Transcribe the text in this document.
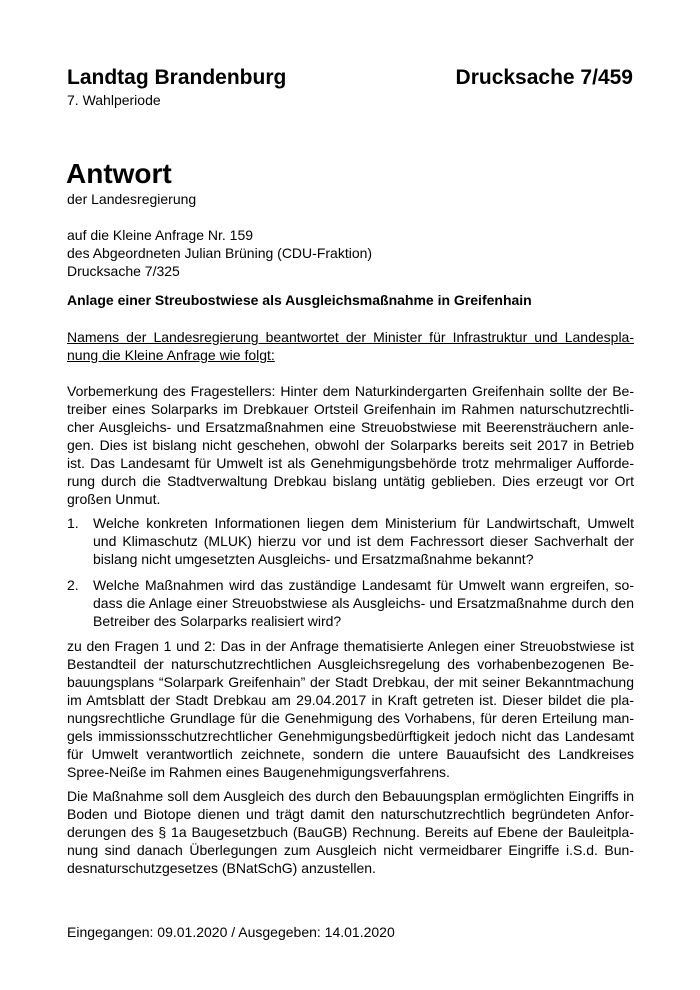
Landtag Brandenburg	Drucksache 7/459
7. Wahlperiode
Antwort
der Landesregierung
auf die Kleine Anfrage Nr. 159
des Abgeordneten Julian Brüning (CDU-Fraktion)
Drucksache 7/325
Anlage einer Streubostwiese als Ausgleichsmaßnahme in Greifenhain
Namens der Landesregierung beantwortet der Minister für Infrastruktur und Landespla-
nung die Kleine Anfrage wie folgt:
Vorbemerkung des Fragestellers: Hinter dem Naturkindergarten Greifenhain sollte der Betreiber eines Solarparks im Drebkauer Ortsteil Greifenhain im Rahmen naturschutzrechtlicher Ausgleichs- und Ersatzmaßnahmen eine Streuobstwiese mit Beerensträuchern anlegen. Dies ist bislang nicht geschehen, obwohl der Solarparks bereits seit 2017 in Betrieb ist. Das Landesamt für Umwelt ist als Genehmigungsbehörde trotz mehrmaliger Aufforderung durch die Stadtverwaltung Drebkau bislang untätig geblieben. Dies erzeugt vor Ort großen Unmut.
1. Welche konkreten Informationen liegen dem Ministerium für Landwirtschaft, Umwelt und Klimaschutz (MLUK) hierzu vor und ist dem Fachressort dieser Sachverhalt der bislang nicht umgesetzten Ausgleichs- und Ersatzmaßnahme bekannt?
2. Welche Maßnahmen wird das zuständige Landesamt für Umwelt wann ergreifen, sodass die Anlage einer Streuobstwiese als Ausgleichs- und Ersatzmaßnahme durch den Betreiber des Solarparks realisiert wird?
zu den Fragen 1 und 2: Das in der Anfrage thematisierte Anlegen einer Streuobstwiese ist Bestandteil der naturschutzrechtlichen Ausgleichsregelung des vorhabenbezogenen Bebauungsplans “Solarpark Greifenhain” der Stadt Drebkau, der mit seiner Bekanntmachung im Amtsblatt der Stadt Drebkau am 29.04.2017 in Kraft getreten ist. Dieser bildet die planungsrechtliche Grundlage für die Genehmigung des Vorhabens, für deren Erteilung mangels immissionsschutzrechtlicher Genehmigungsbedürftigkeit jedoch nicht das Landesamt für Umwelt verantwortlich zeichnete, sondern die untere Bauaufsicht des Landkreises Spree-Neiße im Rahmen eines Baugenehmigungsverfahrens.
Die Maßnahme soll dem Ausgleich des durch den Bebauungsplan ermöglichten Eingriffs in Boden und Biotope dienen und trägt damit den naturschutzrechtlich begründeten Anforderungen des § 1a Baugesetzbuch (BauGB) Rechnung. Bereits auf Ebene der Bauleitplanung sind danach Überlegungen zum Ausgleich nicht vermeidbarer Eingriffe i.S.d. Bundesnaturschutzgesetzes (BNatSchG) anzustellen.
Eingegangen: 09.01.2020 / Ausgegeben: 14.01.2020
